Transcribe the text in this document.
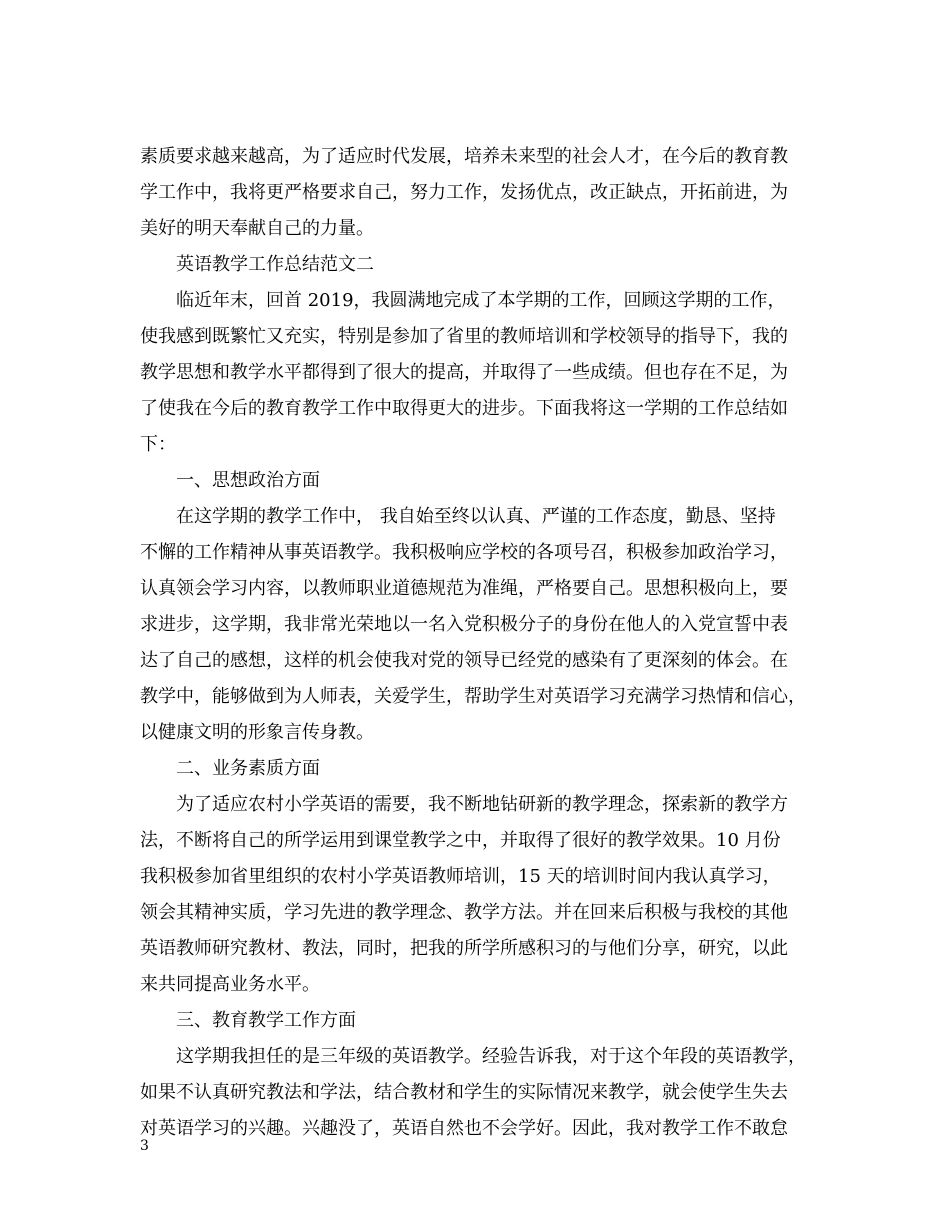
素质要求越来越高，为了适应时代发展，培养未来型的社会人才，在今后的教育教
学工作中，我将更严格要求自己，努力工作，发扬优点，改正缺点，开拓前进，为
美好的明天奉献自己的力量。
英语教学工作总结范文二
临近年末，回首 2019，我圆满地完成了本学期的工作，回顾这学期的工作，
使我感到既繁忙又充实，特别是参加了省里的教师培训和学校领导的指导下，我的
教学思想和教学水平都得到了很大的提高，并取得了一些成绩。但也存在不足，为
了使我在今后的教育教学工作中取得更大的进步。下面我将这一学期的工作总结如
下：
一、思想政治方面
在这学期的教学工作中， 我自始至终以认真、严谨的工作态度，勤恳、坚持
不懈的工作精神从事英语教学。我积极响应学校的各项号召，积极参加政治学习，
认真领会学习内容，以教师职业道德规范为准绳，严格要自己。思想积极向上，要
求进步，这学期，我非常光荣地以一名入党积极分子的身份在他人的入党宣誓中表
达了自己的感想，这样的机会使我对党的领导已经党的感染有了更深刻的体会。在
教学中，能够做到为人师表，关爱学生，帮助学生对英语学习充满学习热情和信心，
以健康文明的形象言传身教。
二、业务素质方面
为了适应农村小学英语的需要，我不断地钻研新的教学理念，探索新的教学方
法，不断将自己的所学运用到课堂教学之中，并取得了很好的教学效果。10 月份
我积极参加省里组织的农村小学英语教师培训，15 天的培训时间内我认真学习，
领会其精神实质，学习先进的教学理念、教学方法。并在回来后积极与我校的其他
英语教师研究教材、教法，同时，把我的所学所感积习的与他们分享，研究，以此
来共同提高业务水平。
三、教育教学工作方面
这学期我担任的是三年级的英语教学。经验告诉我，对于这个年段的英语教学，
如果不认真研究教法和学法，结合教材和学生的实际情况来教学，就会使学生失去
对英语学习的兴趣。兴趣没了，英语自然也不会学好。因此，我对教学工作不敢怠
3
